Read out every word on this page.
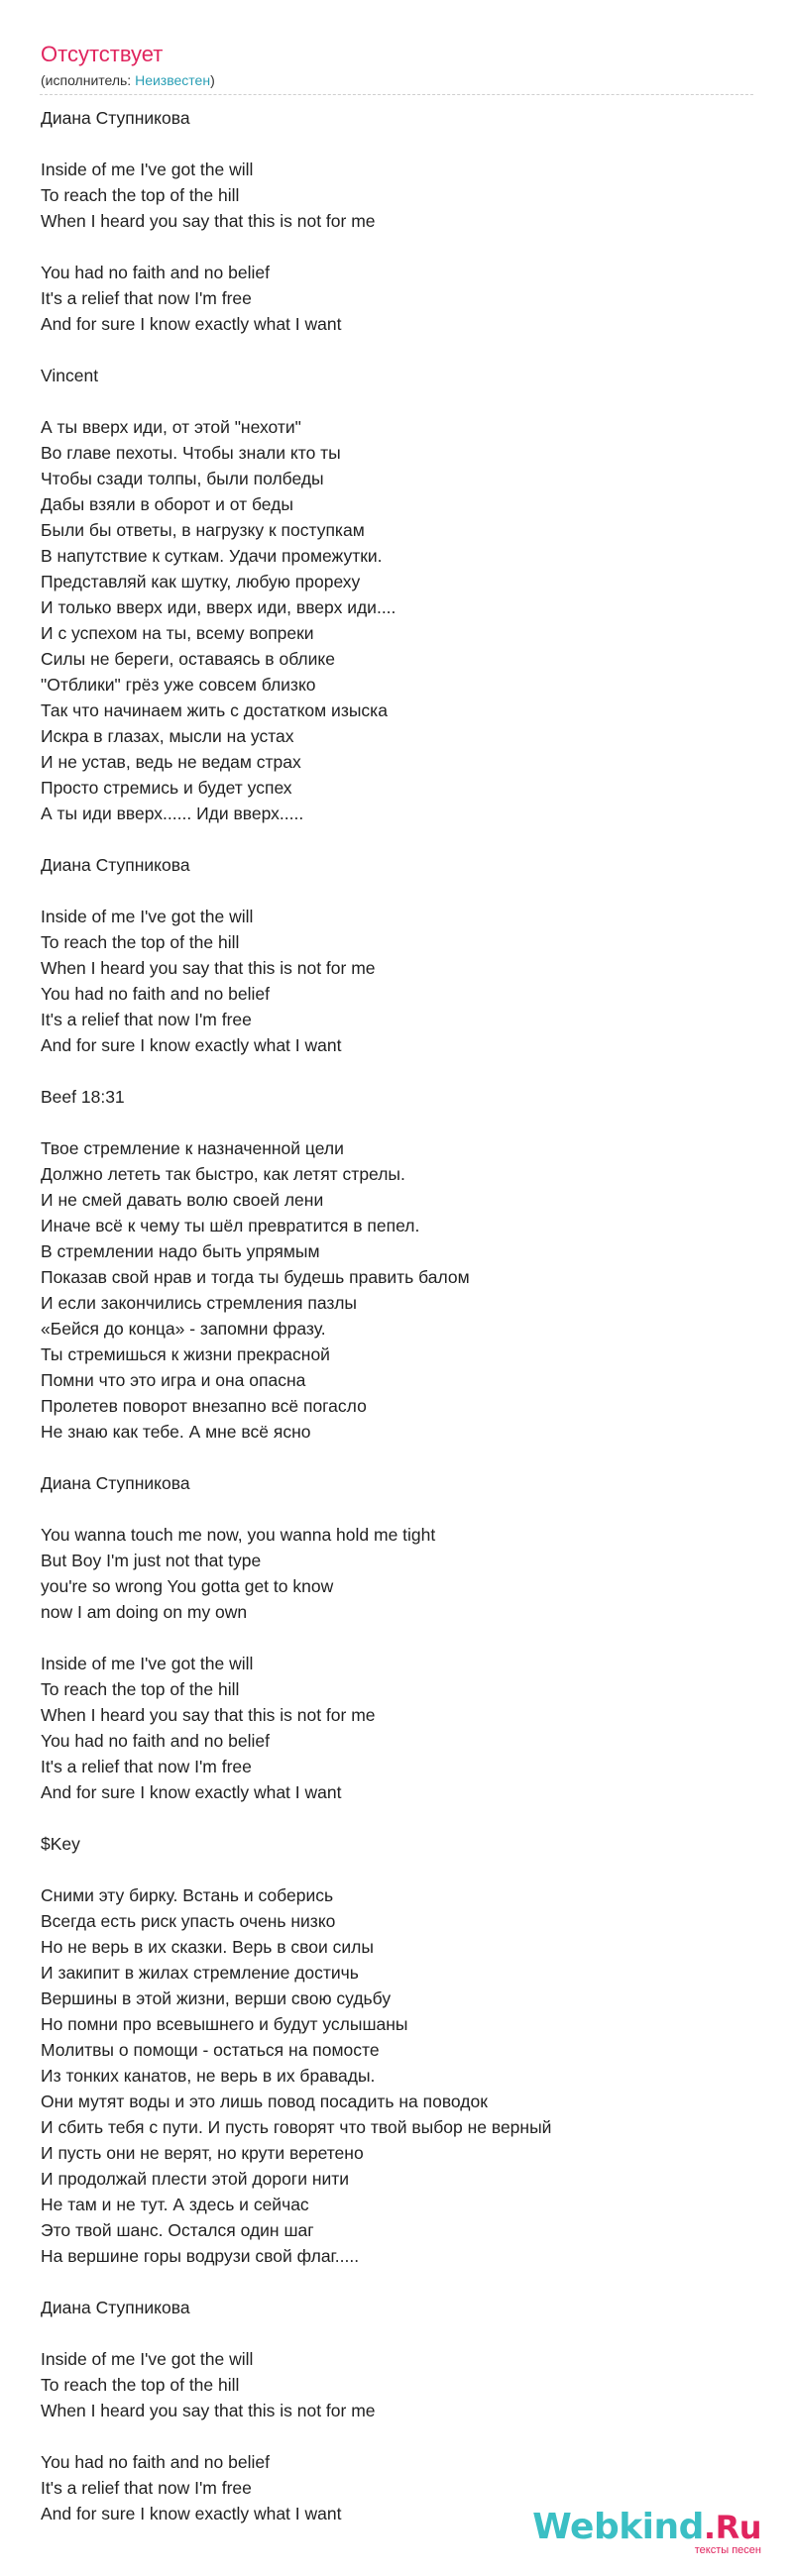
Отсутствует
(исполнитель: Неизвестен)
Диана Ступникова
Inside of me I've got the will
To reach the top of the hill
When I heard you say that this is not for me
You had no faith and no belief
It's a relief that now I'm free
And for sure I know exactly what I want
Vincent
А ты вверх иди, от этой "нехоти"
Во главе пехоты. Чтобы знали кто ты
Чтобы сзади толпы, были полбеды
Дабы взяли в оборот и от беды
Были бы ответы, в нагрузку к поступкам
В напутствие к суткам. Удачи промежутки.
Представляй как шутку, любую прореху
И только вверх иди, вверх иди, вверх иди....
И с успехом на ты, всему вопреки
Силы не береги, оставаясь в облике
"Отблики" грёз уже совсем близко
Так что начинаем жить с достатком изыска
Искра в глазах, мысли на устах
И не устав, ведь не ведам страх
Просто стремись и будет успех
А ты иди вверх...... Иди вверх.....
Диана Ступникова
Inside of me I've got the will
To reach the top of the hill
When I heard you say that this is not for me
You had no faith and no belief
It's a relief that now I'm free
And for sure I know exactly what I want
Beef 18:31
Твое стремление к назначенной цели
Должно лететь так быстро, как летят стрелы.
И не смей давать волю своей лени
Иначе всё к чему ты шёл превратится в пепел.
В стремлении надо быть упрямым
Показав свой нрав и тогда ты будешь править балом
И если закончились стремления пазлы
«Бейся до конца» - запомни фразу.
Ты стремишься к жизни прекрасной
Помни что это игра и она опасна
Пролетев поворот внезапно всё погасло
Не знаю как тебе. А мне всё ясно
Диана Ступникова
You wanna touch me now, you wanna hold me tight
But Boy I'm just not that type
you're so wrong You gotta get to know
now I am doing on my own
Inside of me I've got the will
To reach the top of the hill
When I heard you say that this is not for me
You had no faith and no belief
It's a relief that now I'm free
And for sure I know exactly what I want
$Key
Сними эту бирку. Встань и соберись
Всегда есть риск упасть очень низко
Но не верь в их сказки. Верь в свои силы
И закипит в жилах стремление достичь
Вершины в этой жизни, верши свою судьбу
Но помни про всевышнего и будут услышаны
Молитвы о помощи - остаться на помосте
Из тонких канатов, не верь в их бравады.
Они мутят воды и это лишь повод посадить на поводок
И сбить тебя с пути. И пусть говорят что твой выбор не верный
И пусть они не верят, но крути веретено
И продолжай плести этой дороги нити
Не там и не тут. А здесь и сейчас
Это твой шанс. Остался один шаг
На вершине горы водрузи свой флаг.....
Диана Ступникова
Inside of me I've got the will
To reach the top of the hill
When I heard you say that this is not for me
You had no faith and no belief
It's a relief that now I'm free
And for sure I know exactly what I want	Webkind.Ru
тексты песен
